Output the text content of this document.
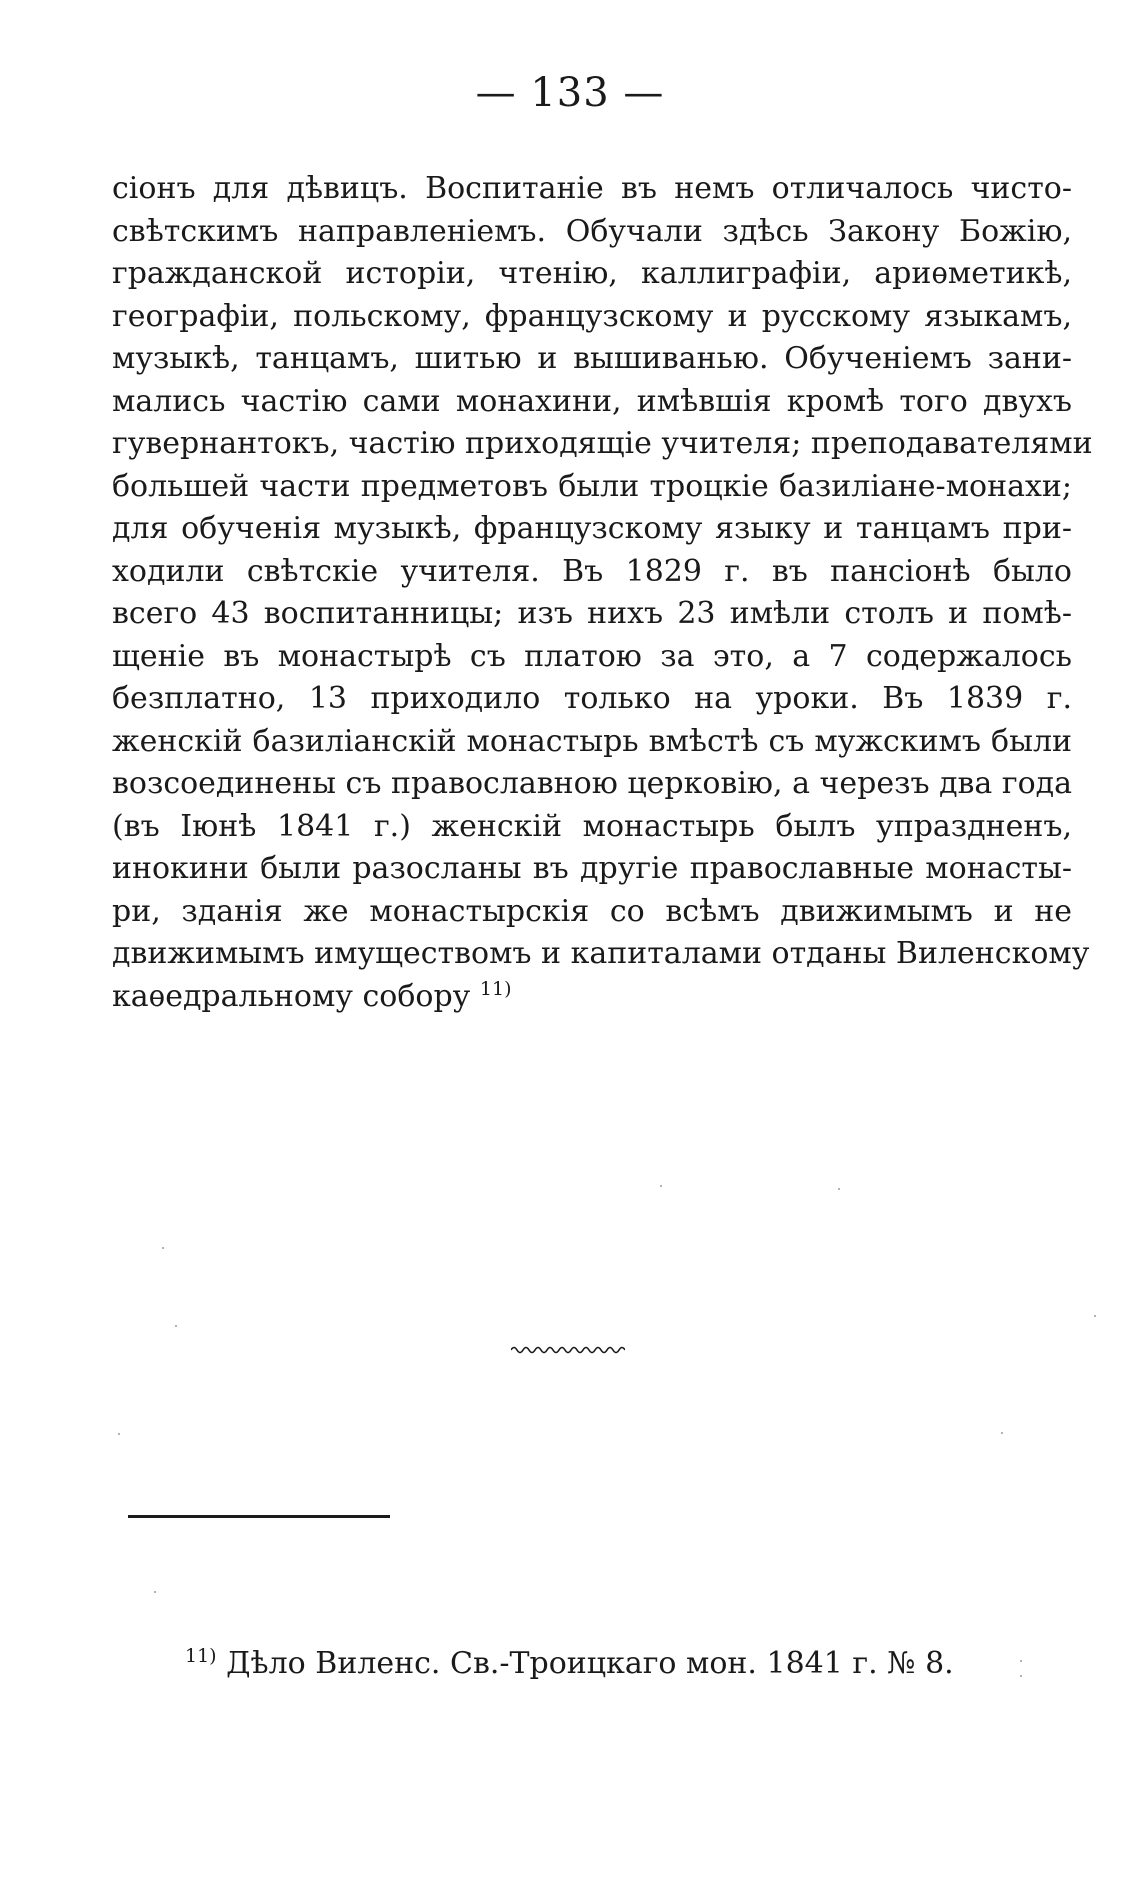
— 133 —
сіонъ для дѣвицъ. Воспитаніе въ немъ отличалось чисто-
свѣтскимъ направленіемъ. Обучали здѣсь Закону Божію,
гражданской исторіи, чтенію, каллиграфіи, ариѳметикѣ,
географіи, польскому, французскому и русскому языкамъ,
музыкѣ, танцамъ, шитью и вышиванью. Обученіемъ зани-
мались частію сами монахини, имѣвшія кромѣ того двухъ
гувернантокъ, частію приходящіе учителя; преподавателями
большей части предметовъ были троцкіе базиліане-монахи;
для обученія музыкѣ, французскому языку и танцамъ при-
ходили свѣтскіе учителя. Въ 1829 г. въ пансіонѣ было
всего 43 воспитанницы; изъ нихъ 23 имѣли столъ и помѣ-
щеніе въ монастырѣ съ платою за это, а 7 содержалось
безплатно, 13 приходило только на уроки. Въ 1839 г.
женскій базиліанскій монастырь вмѣстѣ съ мужскимъ были
возсоединены съ православною церковію, а черезъ два года
(въ Іюнѣ 1841 г.) женскій монастырь былъ упраздненъ,
инокини были разосланы въ другіе православные монасты-
ри, зданія же монастырскія со всѣмъ движимымъ и не
движимымъ имуществомъ и капиталами отданы Виленскому
каѳедральному собору $^{11)}$
$^{11)}$ Дѣло Виленс. Св.-Троицкаго мон. 1841 г. № 8.
